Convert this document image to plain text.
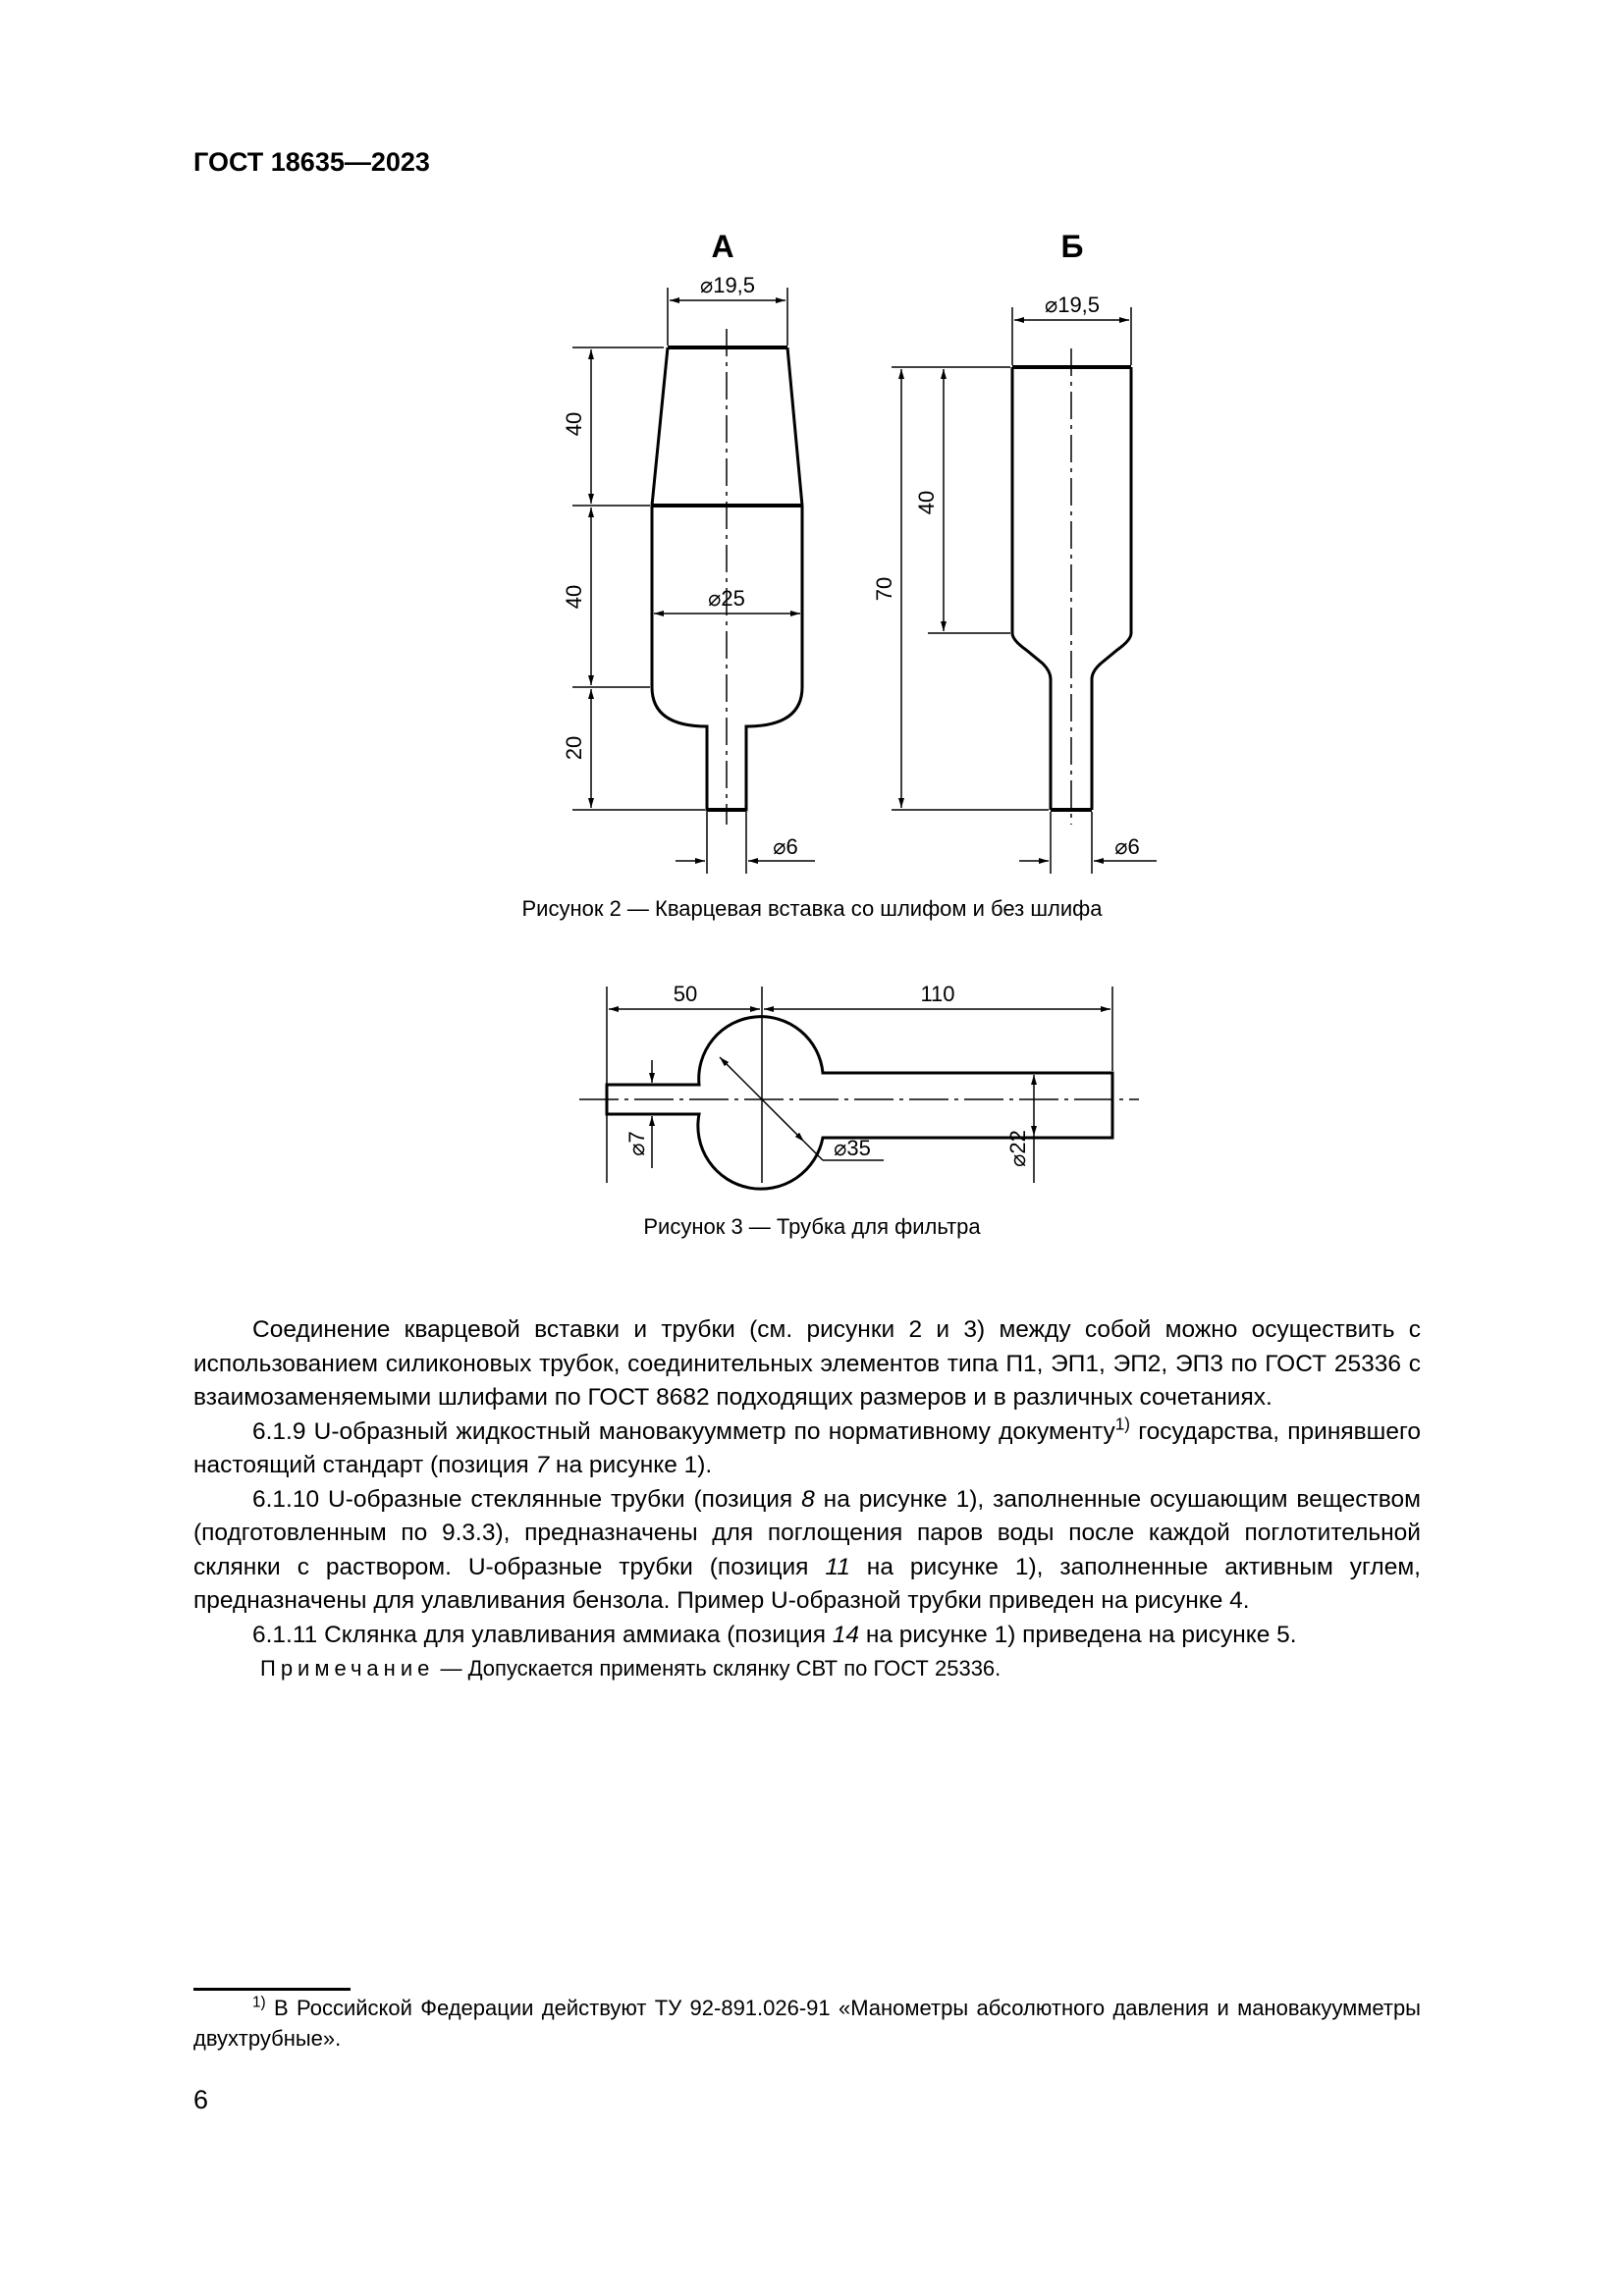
ГОСТ 18635—2023
А	Б
⌀19,5
⌀25
⌀6
40
40
20
⌀19,5
⌀6
70
40
Рисунок 2 — Кварцевая вставка со шлифом и без шлифа
50	110
⌀7	⌀35
⌀22
Рисунок 3 — Трубка для фильтра

Соединение кварцевой вставки и трубки (см. рисунки 2 и 3) между собой можно осуществить с использованием силиконовых трубок, соединительных элементов типа П1, ЭП1, ЭП2, ЭП3 по ГОСТ 25336 с взаимозаменяемыми шлифами по ГОСТ 8682 подходящих размеров и в различных сочетаниях.

6.1.9 U-образный жидкостный мановакуумметр по нормативному документу$^{1)}$ государства, принявшего настоящий стандарт (позиция 7 на рисунке 1).

6.1.10 U-образные стеклянные трубки (позиция 8 на рисунке 1), заполненные осушающим веществом (подготовленным по 9.3.3), предназначены для поглощения паров воды после каждой поглотительной склянки с раствором. U-образные трубки (позиция 11 на рисунке 1), заполненные активным углем, предназначены для улавливания бензола. Пример U-образной трубки приведен на рисунке 4.

6.1.11 Склянка для улавливания аммиака (позиция 14 на рисунке 1) приведена на рисунке 5.

Примечание — Допускается применять склянку СВТ по ГОСТ 25336.
$^{1)}$ В Российской Федерации действуют ТУ 92-891.026-91 «Манометры абсолютного давления и мановакуумметры двухтрубные».
6
